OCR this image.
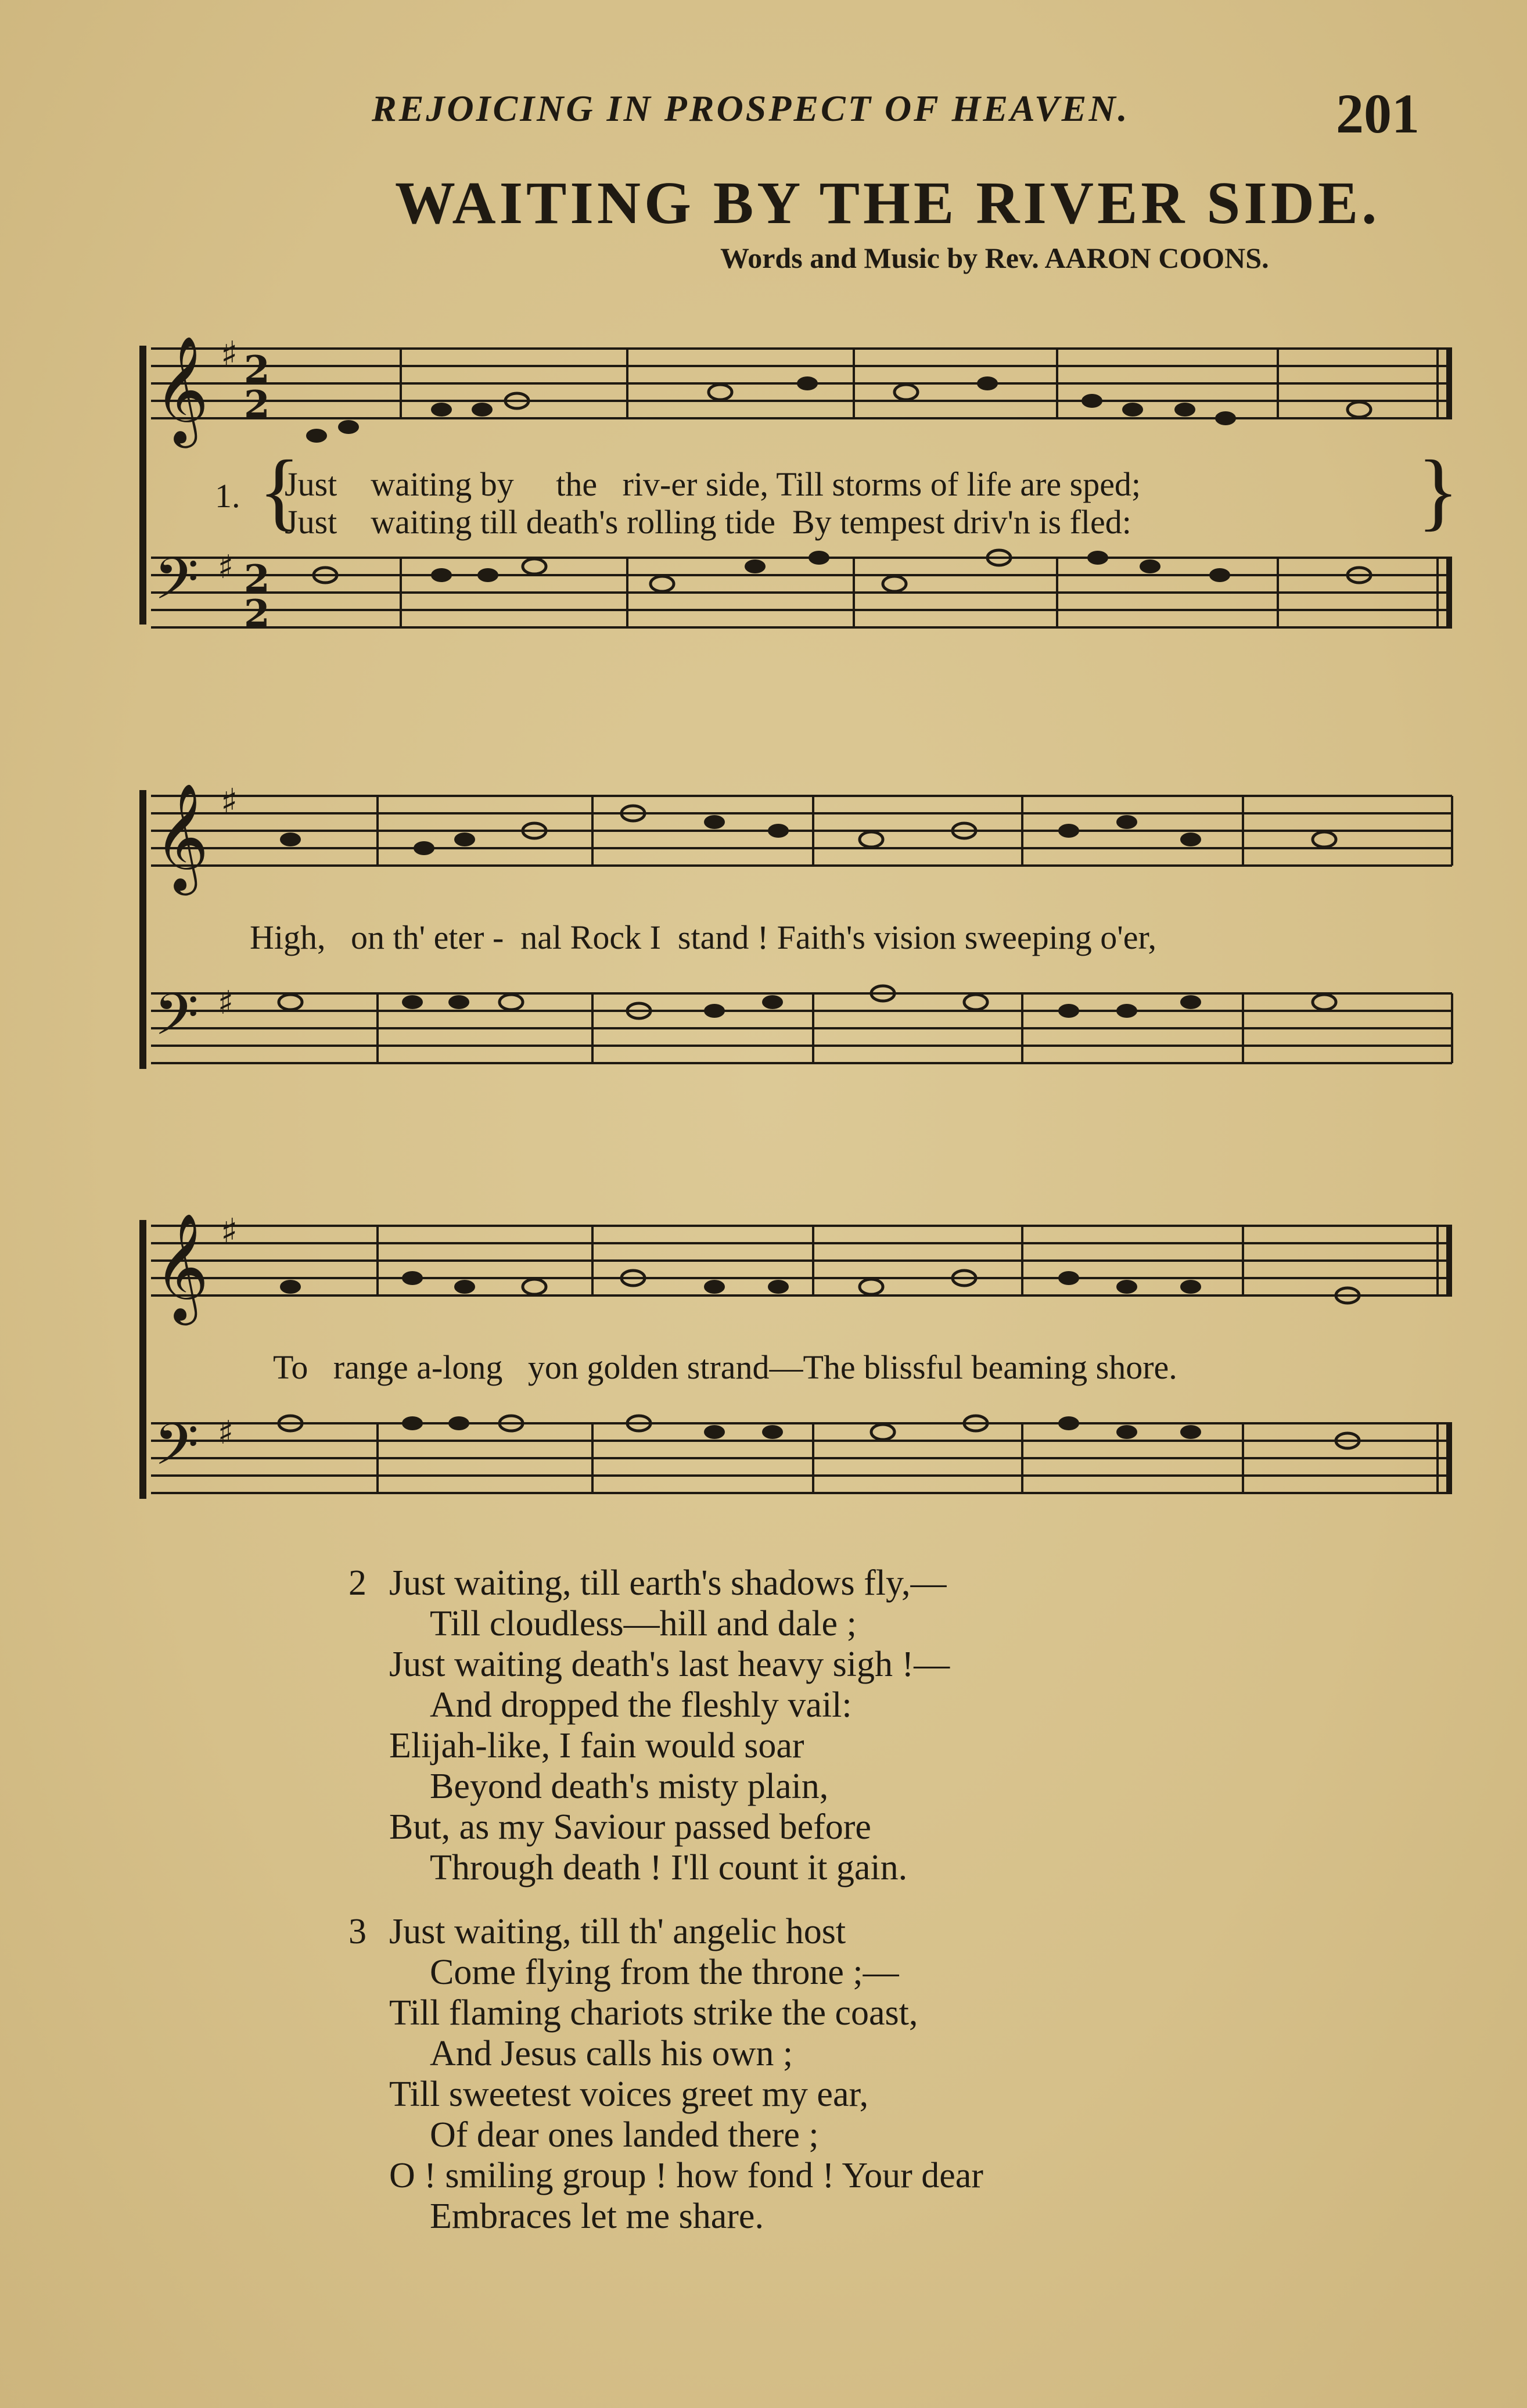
REJOICING IN PROSPECT OF HEAVEN.	201
WAITING BY THE RIVER SIDE.
Words and Music by Rev. AARON COONS.
𝄞 ♯ 2
2
1. {
Just waiting by the riv-er side, Till storms of life are sped;
Just waiting till death's rolling tide By tempest driv'n is fled:	}
𝄢 ♯ 2
2
𝄞 ♯
High, on th' eter - nal Rock I stand ! Faith's vision sweeping o'er,
𝄢 ♯
𝄞 ♯
To range a-long yon golden strand—The blissful beaming shore.
𝄢 ♯
2 Just waiting, till earth's shadows fly,—
Till cloudless—hill and dale ;
Just waiting death's last heavy sigh !—
And dropped the fleshly vail:
Elijah-like, I fain would soar
Beyond death's misty plain,
But, as my Saviour passed before
Through death ! I'll count it gain.
3 Just waiting, till th' angelic host
Come flying from the throne ;—
Till flaming chariots strike the coast,
And Jesus calls his own ;
Till sweetest voices greet my ear,
Of dear ones landed there ;
O ! smiling group ! how fond ! Your dear
Embraces let me share.
